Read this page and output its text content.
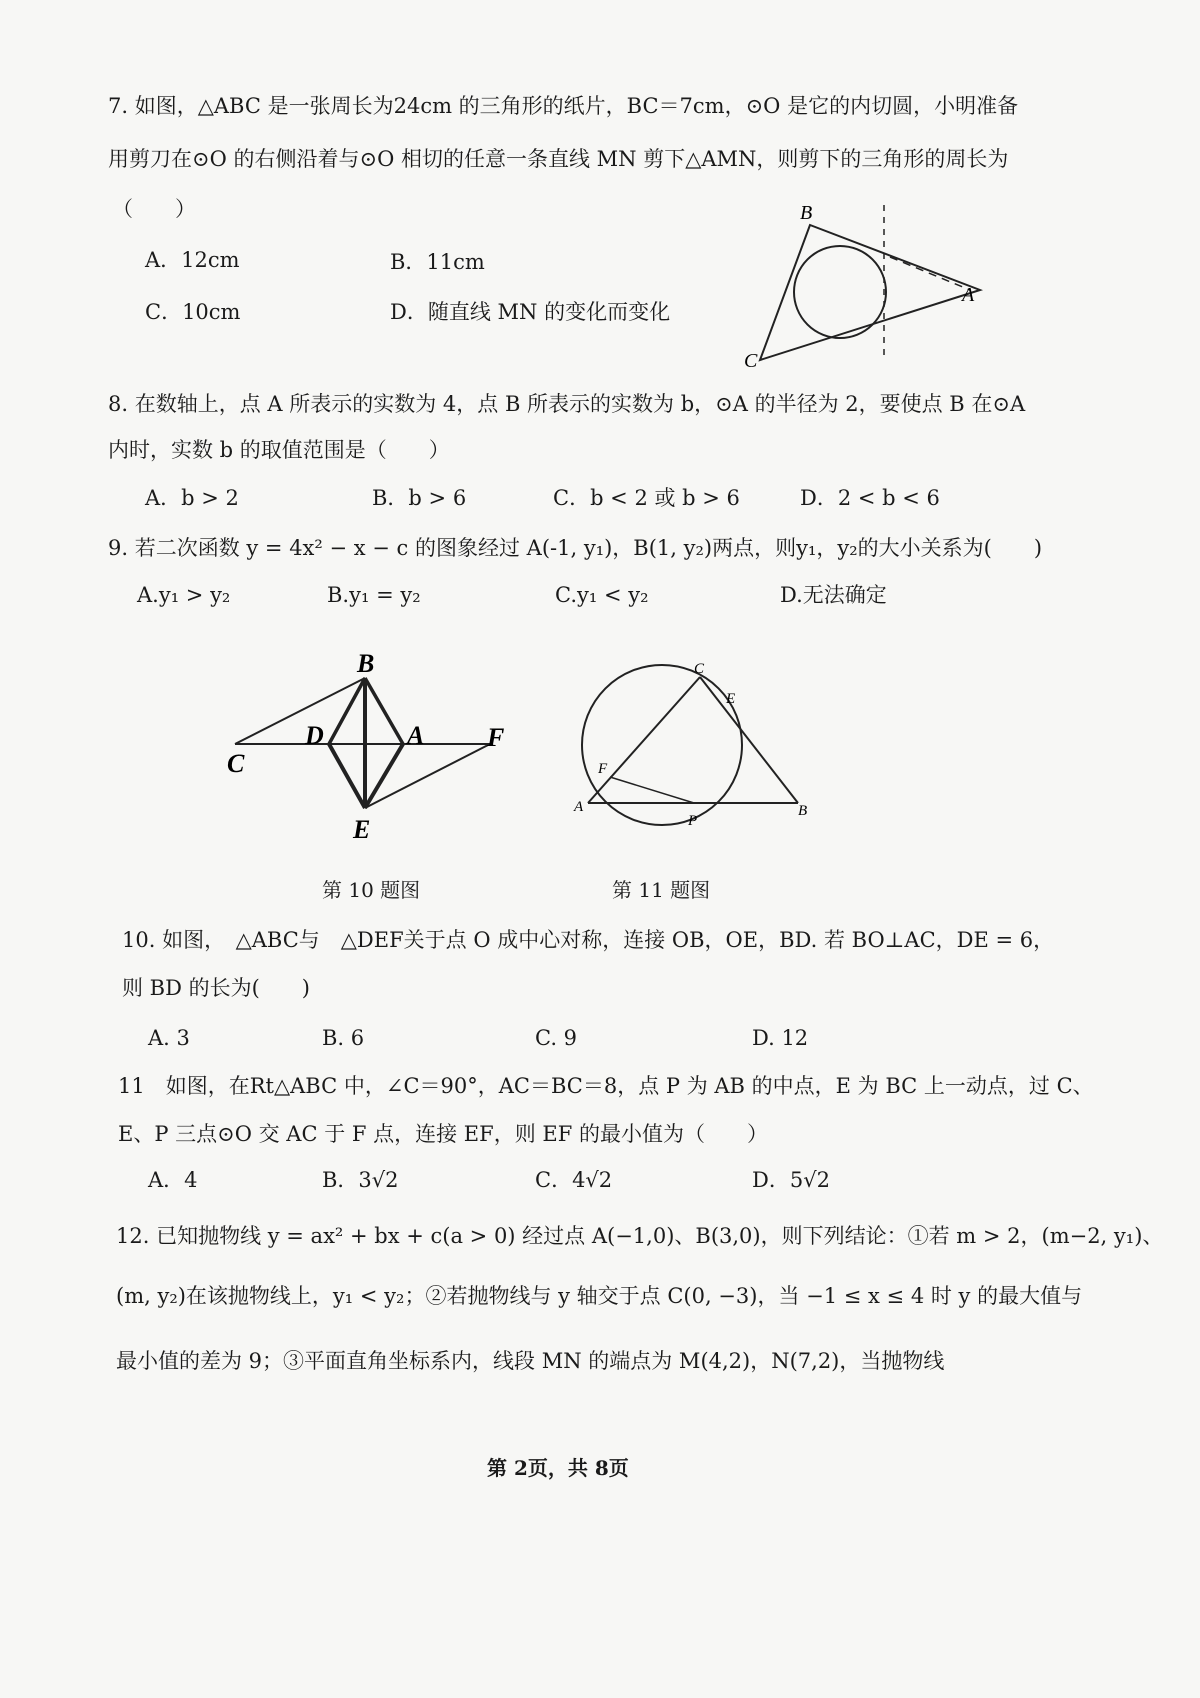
7. 如图，△ABC 是一张周长为24cm 的三角形的纸片，BC＝7cm，⊙O 是它的内切圆，小明准备
用剪刀在⊙O 的右侧沿着与⊙O 相切的任意一条直线 MN 剪下△AMN，则剪下的三角形的周长为
（　　）
A．12cm	B．11cm
C．10cm	D．随直线 MN 的变化而变化
B
C
A
8. 在数轴上，点 A 所表示的实数为 4，点 B 所表示的实数为 b，⊙A 的半径为 2，要使点 B 在⊙A
内时，实数 b 的取值范围是（　　）
A．b > 2	B．b > 6	C．b < 2 或 b > 6	D．2 < b < 6
9. 若二次函数 y = 4x² − x − c 的图象经过 A(-1, y₁)，B(1, y₂)两点，则y₁，y₂的大小关系为(　　)
A.y₁ > y₂	B.y₁ = y₂	C.y₁ < y₂	D.无法确定
B
C
D	A F
E
C
E
F
A
P
B
第 10 题图	第 11 题图
10. 如图，　△ABC与　△DEF关于点 O 成中心对称，连接 OB，OE，BD. 若 BO⊥AC，DE = 6，
则 BD 的长为(　　)
A. 3	B. 6	C. 9	D. 12
11　如图，在Rt△ABC 中，∠C＝90°，AC＝BC＝8，点 P 为 AB 的中点，E 为 BC 上一动点，过 C、
E、P 三点⊙O 交 AC 于 F 点，连接 EF，则 EF 的最小值为（　　）
A．4	B．3√2	C．4√2	D．5√2
12. 已知抛物线 y = ax² + bx + c(a > 0) 经过点 A(−1,0)、B(3,0)，则下列结论：①若 m > 2，(m−2, y₁)、
(m, y₂)在该抛物线上，y₁ < y₂；②若抛物线与 y 轴交于点 C(0, −3)，当 −1 ≤ x ≤ 4 时 y 的最大值与
最小值的差为 9；③平面直角坐标系内，线段 MN 的端点为 M(4,2)，N(7,2)，当抛物线
第 2页，共 8页
